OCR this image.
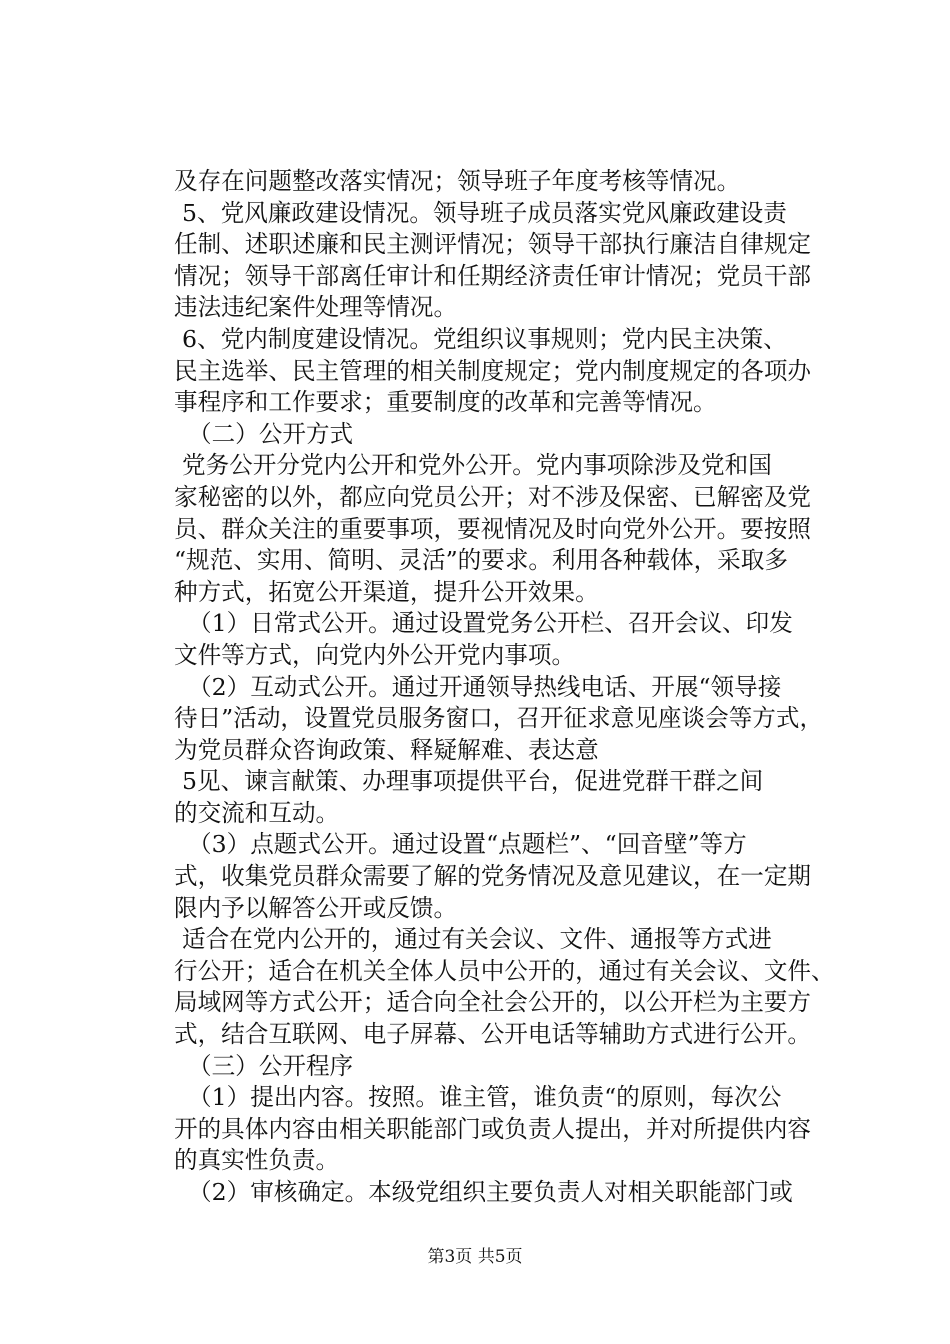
及存在问题整改落实情况；领导班子年度考核等情况。
5、党风廉政建设情况。领导班子成员落实党风廉政建设责
任制、述职述廉和民主测评情况；领导干部执行廉洁自律规定
情况；领导干部离任审计和任期经济责任审计情况；党员干部
违法违纪案件处理等情况。
6、党内制度建设情况。党组织议事规则；党内民主决策、
民主选举、民主管理的相关制度规定；党内制度规定的各项办
事程序和工作要求；重要制度的改革和完善等情况。
（二）公开方式
党务公开分党内公开和党外公开。党内事项除涉及党和国
家秘密的以外，都应向党员公开；对不涉及保密、已解密及党
员、群众关注的重要事项，要视情况及时向党外公开。要按照
“规范、实用、简明、灵活”的要求。利用各种载体，采取多
种方式，拓宽公开渠道，提升公开效果。
（1）日常式公开。通过设置党务公开栏、召开会议、印发
文件等方式，向党内外公开党内事项。
（2）互动式公开。通过开通领导热线电话、开展“领导接
待日”活动，设置党员服务窗口，召开征求意见座谈会等方式，
为党员群众咨询政策、释疑解难、表达意
5见、谏言献策、办理事项提供平台，促进党群干群之间
的交流和互动。
（3）点题式公开。通过设置“点题栏”、“回音壁”等方
式，收集党员群众需要了解的党务情况及意见建议，在一定期
限内予以解答公开或反馈。
适合在党内公开的，通过有关会议、文件、通报等方式进
行公开；适合在机关全体人员中公开的，通过有关会议、文件、
局域网等方式公开；适合向全社会公开的，以公开栏为主要方
式，结合互联网、电子屏幕、公开电话等辅助方式进行公开。
（三）公开程序
（1）提出内容。按照。谁主管，谁负责“的原则，每次公
开的具体内容由相关职能部门或负责人提出，并对所提供内容
的真实性负责。
（2）审核确定。本级党组织主要负责人对相关职能部门或
第3页 共5页
